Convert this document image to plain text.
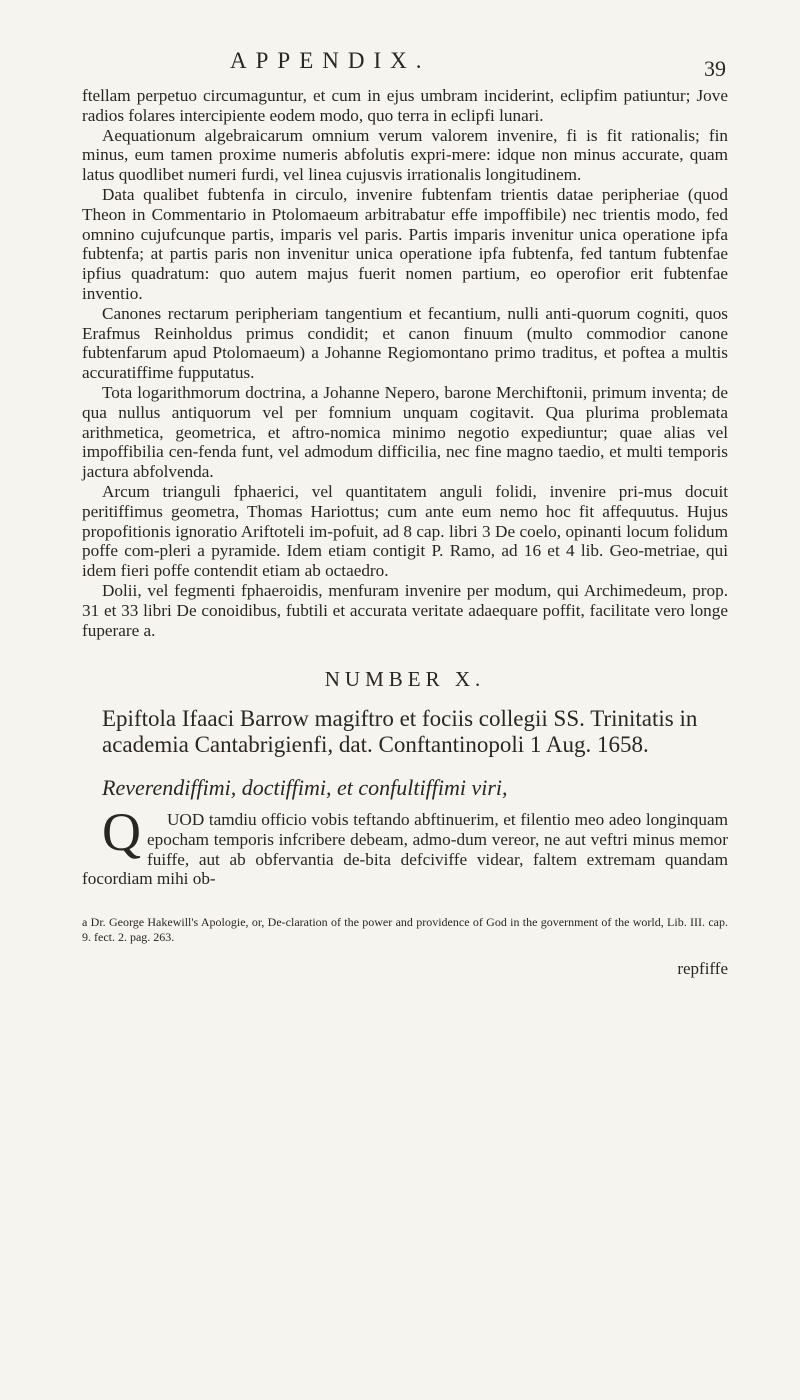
APPENDIX.	39

ftellam perpetuo circumaguntur, et cum in ejus umbram inciderint, eclipfim patiuntur; Jove radios folares intercipiente eodem modo, quo terra in eclipfi lunari.

Aequationum algebraicarum omnium verum valorem invenire, fi is fit rationalis; fin minus, eum tamen proxime numeris abfolutis expri-mere: idque non minus accurate, quam latus quodlibet numeri furdi, vel linea cujusvis irrationalis longitudinem.

Data qualibet fubtenfa in circulo, invenire fubtenfam trientis datae peripheriae (quod Theon in Commentario in Ptolomaeum arbitrabatur effe impoffibile) nec trientis modo, fed omnino cujufcunque partis, imparis vel paris. Partis imparis invenitur unica operatione ipfa fubtenfa; at partis paris non invenitur unica operatione ipfa fubtenfa, fed tantum fubtenfae ipfius quadratum: quo autem majus fuerit nomen partium, eo operofior erit fubtenfae inventio.

Canones rectarum peripheriam tangentium et fecantium, nulli anti-quorum cogniti, quos Erafmus Reinholdus primus condidit; et canon finuum (multo commodior canone fubtenfarum apud Ptolomaeum) a Johanne Regiomontano primo traditus, et poftea a multis accuratiffime fupputatus.

Tota logarithmorum doctrina, a Johanne Nepero, barone Merchiftonii, primum inventa; de qua nullus antiquorum vel per fomnium unquam cogitavit. Qua plurima problemata arithmetica, geometrica, et aftro-nomica minimo negotio expediuntur; quae alias vel impoffibilia cen-fenda funt, vel admodum difficilia, nec fine magno taedio, et multi temporis jactura abfolvenda.

Arcum trianguli fphaerici, vel quantitatem anguli folidi, invenire pri-mus docuit peritiffimus geometra, Thomas Hariottus; cum ante eum nemo hoc fit affequutus. Hujus propofitionis ignoratio Ariftoteli im-pofuit, ad 8 cap. libri 3 De coelo, opinanti locum folidum poffe com-pleri a pyramide. Idem etiam contigit P. Ramo, ad 16 et 4 lib. Geo-metriae, qui idem fieri poffe contendit etiam ab octaedro.

Dolii, vel fegmenti fphaeroidis, menfuram invenire per modum, qui Archimedeum, prop. 31 et 33 libri De conoidibus, fubtili et accurata veritate adaequare poffit, facilitate vero longe fuperare a.

NUMBER X.
Epiftola Ifaaci Barrow magiftro et fociis collegii SS. Trinitatis in academia Cantabrigienfi, dat. Conftantinopoli 1 Aug. 1658.
Reverendiffimi, doctiffimi, et confultiffimi viri,

Q UOD tamdiu officio vobis teftando abftinuerim, et filentio meo adeo longinquam epocham temporis infcribere debeam, admo-dum vereor, ne aut veftri minus memor fuiffe, aut ab obfervantia de-bita defciviffe videar, faltem extremam quandam focordiam mihi ob-

a Dr. George Hakewill's Apologie, or, De-claration of the power and providence of God in the government of the world, Lib. III. cap. 9. fect. 2. pag. 263.
repfiffe
